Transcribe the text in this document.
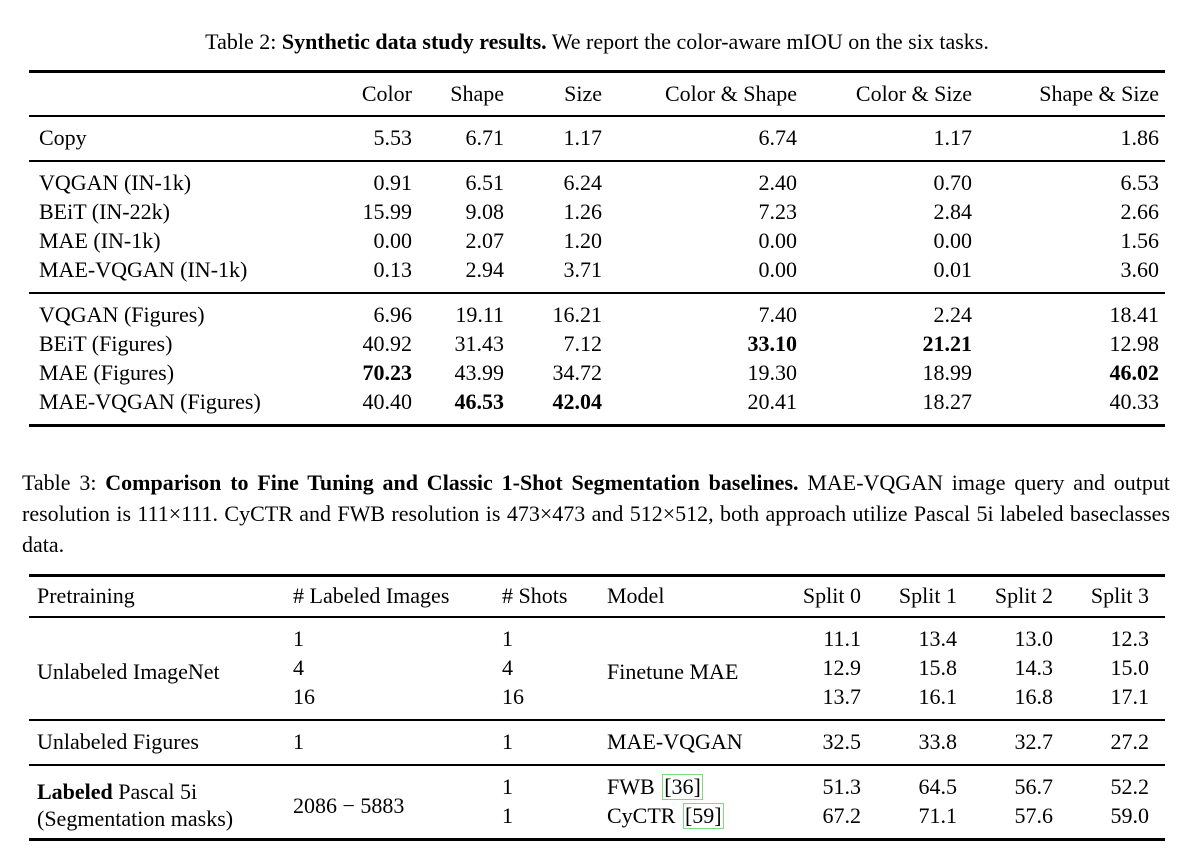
Table 2: Synthetic data study results. We report the color-aware mIOU on the six tasks.
	Color	Shape	Size	Color & Shape	Color & Size	Shape & Size
Copy	5.53	6.71	1.17	6.74	1.17	1.86
VQGAN (IN-1k)	0.91	6.51	6.24	2.40	0.70	6.53
BEiT (IN-22k)	15.99	9.08	1.26	7.23	2.84	2.66
MAE (IN-1k)	0.00	2.07	1.20	0.00	0.00	1.56
MAE-VQGAN (IN-1k)	0.13	2.94	3.71	0.00	0.01	3.60
VQGAN (Figures)	6.96	19.11	16.21	7.40	2.24	18.41
BEiT (Figures)	40.92	31.43	7.12	33.10	21.21	12.98
MAE (Figures)	70.23	43.99	34.72	19.30	18.99	46.02
MAE-VQGAN (Figures)	40.40	46.53	42.04	20.41	18.27	40.33
Table 3: Comparison to Fine Tuning and Classic 1-Shot Segmentation baselines. MAE-VQGAN image query and output resolution is 111×111. CyCTR and FWB resolution is 473×473 and 512×512, both approach utilize Pascal 5i labeled baseclasses data.
Pretraining	# Labeled Images	# Shots	Model	Split 0	Split 1	Split 2	Split 3
Unlabeled ImageNet	1	1	Finetune MAE	11.1	13.4	13.0	12.3
	4	4		12.9	15.8	14.3	15.0
	16	16		13.7	16.1	16.8	17.1
Unlabeled Figures	1	1	MAE-VQGAN	32.5	33.8	32.7	27.2
Labeled Pascal 5i
(Segmentation masks)	2086 − 5883	1	FWB [36]	51.3	64.5	56.7	52.2
		1	CyCTR [59]	67.2	71.1	57.6	59.0
